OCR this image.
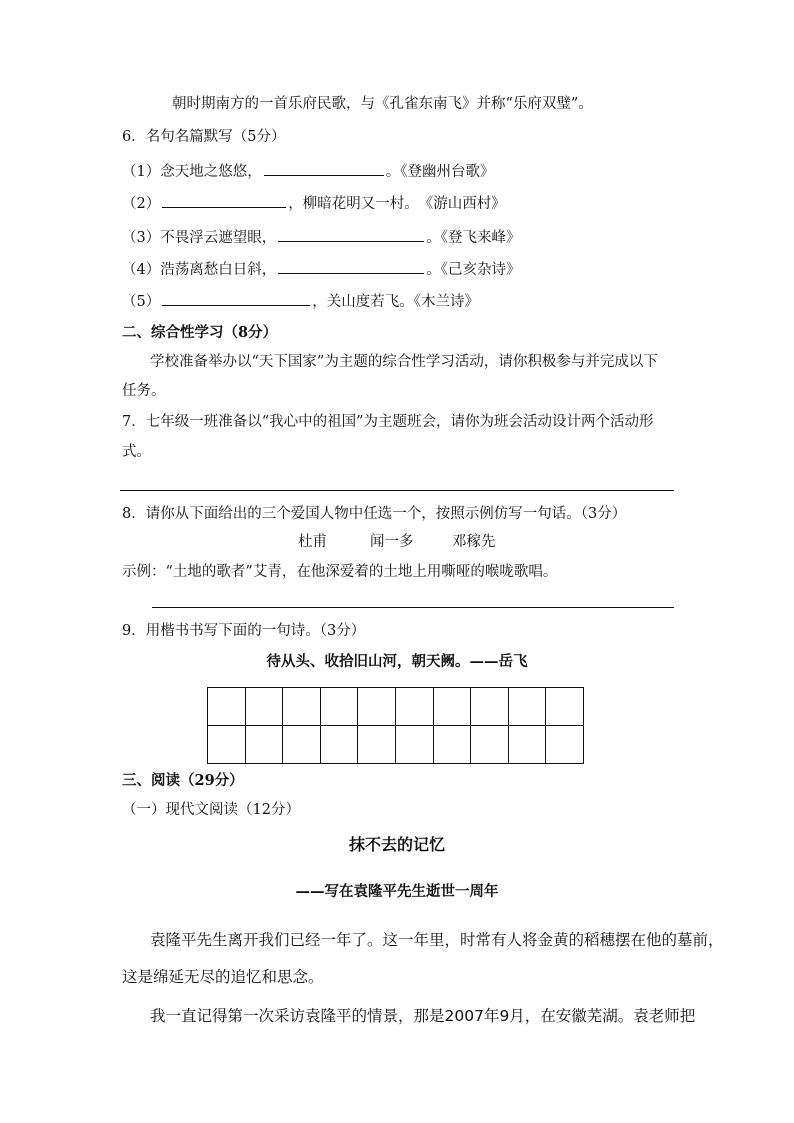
朝时期南方的一首乐府民歌，与《孔雀东南飞》并称“乐府双璧”。
6．名句名篇默写（5分）
（1）念天地之悠悠，	。《登幽州台歌》
（2）	，柳暗花明又一村。　《游山西村》
（3）不畏浮云遮望眼，	。《登飞来峰》
（4）浩荡离愁白日斜，	。《己亥杂诗》
（5）	，关山度若飞。《木兰诗》
二、综合性学习（8分）
学校准备举办以“天下国家”为主题的综合性学习活动，请你积极参与并完成以下
任务。
7．七年级一班准备以“我心中的祖国”为主题班会，请你为班会活动设计两个活动形
式。
8．请你从下面给出的三个爱国人物中任选一个，按照示例仿写一句话。（3分）
杜甫	闻一多	邓稼先
示例：“土地的歌者”艾青，在他深爱着的土地上用嘶哑的喉咙歌唱。
9．用楷书书写下面的一句诗。（3分）
待从头、收拾旧山河，朝天阙。——岳飞

三、阅读（29分）
（一）现代文阅读（12分）
抹不去的记忆
——写在袁隆平先生逝世一周年
袁隆平先生离开我们已经一年了。这一年里，时常有人将金黄的稻穗摆在他的墓前，
这是绵延无尽的追忆和思念。
我一直记得第一次采访袁隆平的情景，那是2007年9月，在安徽芜湖。袁老师把
